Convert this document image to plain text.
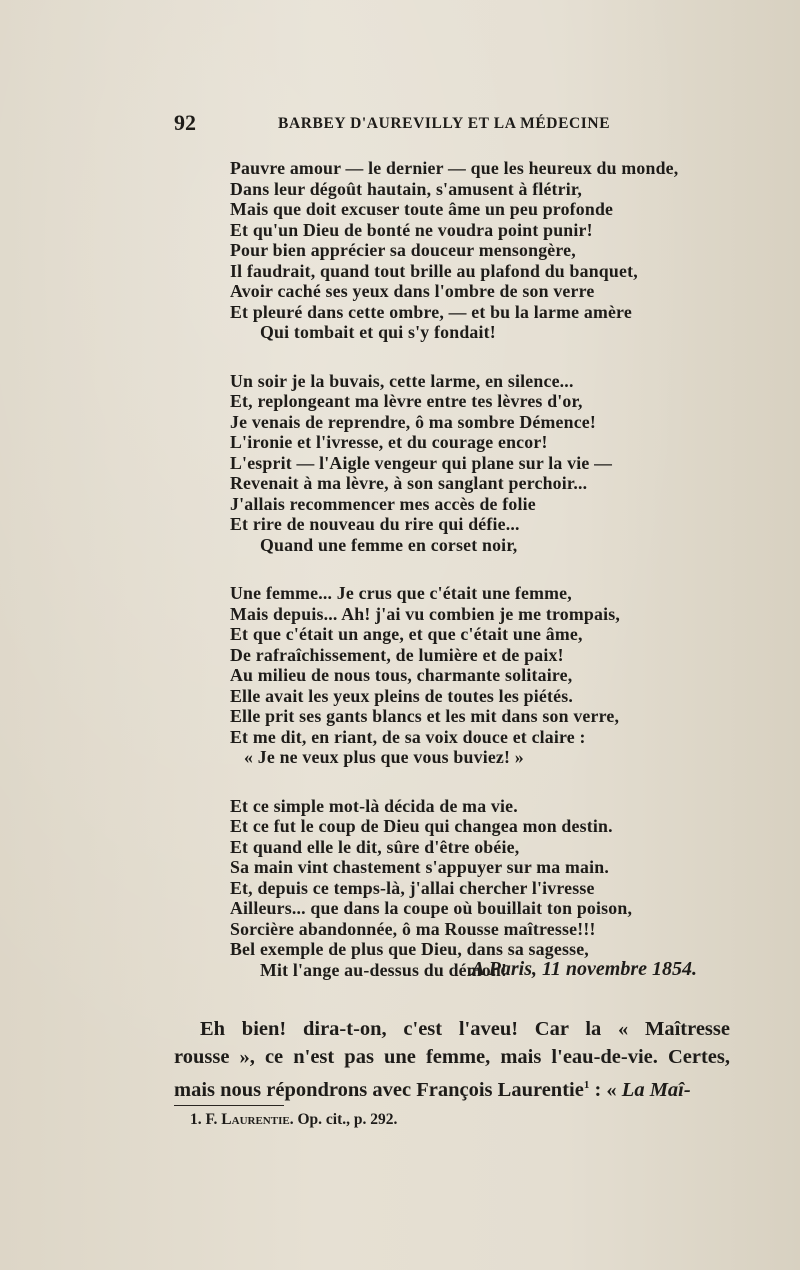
92	BARBEY D'AUREVILLY ET LA MÉDECINE
Pauvre amour — le dernier — que les heureux du monde,
Dans leur dégoût hautain, s'amusent à flétrir,
Mais que doit excuser toute âme un peu profonde
Et qu'un Dieu de bonté ne voudra point punir!
Pour bien apprécier sa douceur mensongère,
Il faudrait, quand tout brille au plafond du banquet,
Avoir caché ses yeux dans l'ombre de son verre
Et pleuré dans cette ombre, — et bu la larme amère
Qui tombait et qui s'y fondait!
Un soir je la buvais, cette larme, en silence...
Et, replongeant ma lèvre entre tes lèvres d'or,
Je venais de reprendre, ô ma sombre Démence!
L'ironie et l'ivresse, et du courage encor!
L'esprit — l'Aigle vengeur qui plane sur la vie —
Revenait à ma lèvre, à son sanglant perchoir...
J'allais recommencer mes accès de folie
Et rire de nouveau du rire qui défie...
Quand une femme en corset noir,
Une femme... Je crus que c'était une femme,
Mais depuis... Ah! j'ai vu combien je me trompais,
Et que c'était un ange, et que c'était une âme,
De rafraîchissement, de lumière et de paix!
Au milieu de nous tous, charmante solitaire,
Elle avait les yeux pleins de toutes les piétés.
Elle prit ses gants blancs et les mit dans son verre,
Et me dit, en riant, de sa voix douce et claire :
« Je ne veux plus que vous buviez! »
Et ce simple mot-là décida de ma vie.
Et ce fut le coup de Dieu qui changea mon destin.
Et quand elle le dit, sûre d'être obéie,
Sa main vint chastement s'appuyer sur ma main.
Et, depuis ce temps-là, j'allai chercher l'ivresse
Ailleurs... que dans la coupe où bouillait ton poison,
Sorcière abandonnée, ô ma Rousse maîtresse!!!
Bel exemple de plus que Dieu, dans sa sagesse,
Mit l'ange au-dessus du démon!
A Paris, 11 novembre 1854.
Eh bien! dira-t-on, c'est l'aveu! Car la « Maîtresse
rousse », ce n'est pas une femme, mais l'eau-de-vie. Certes,
mais nous répondrons avec François Laurentie$^1$ : « La Maî-
1. F. Laurentie. Op. cit., p. 292.
